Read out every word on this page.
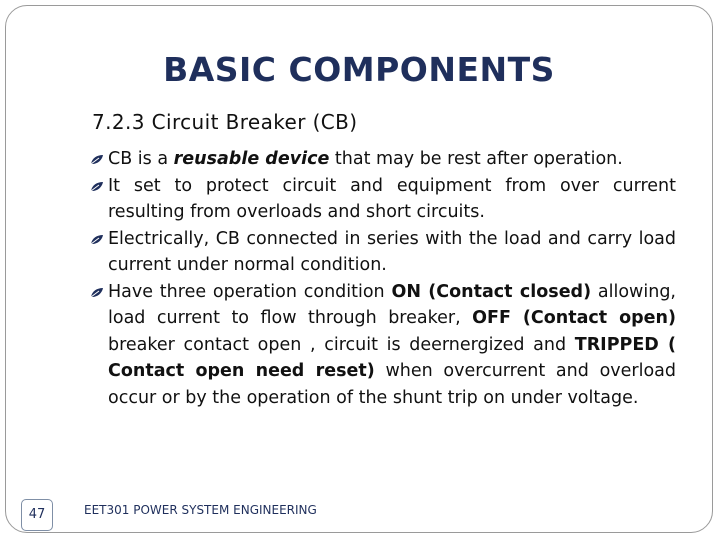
BASIC COMPONENTS
7.2.3 Circuit Breaker (CB)
CB is a reusable device that may be rest after operation.
It set to protect circuit and equipment from over current resulting from overloads and short circuits.
Electrically, CB connected in series with the load and carry load current under normal condition.
Have three operation condition ON (Contact closed) allowing, load current to flow through breaker, OFF (Contact open) breaker contact open , circuit is deernergized and TRIPPED ( Contact open need reset) when overcurrent and overload occur or by the operation of the shunt trip on under voltage.
EET301 POWER SYSTEM ENGINEERING
47
